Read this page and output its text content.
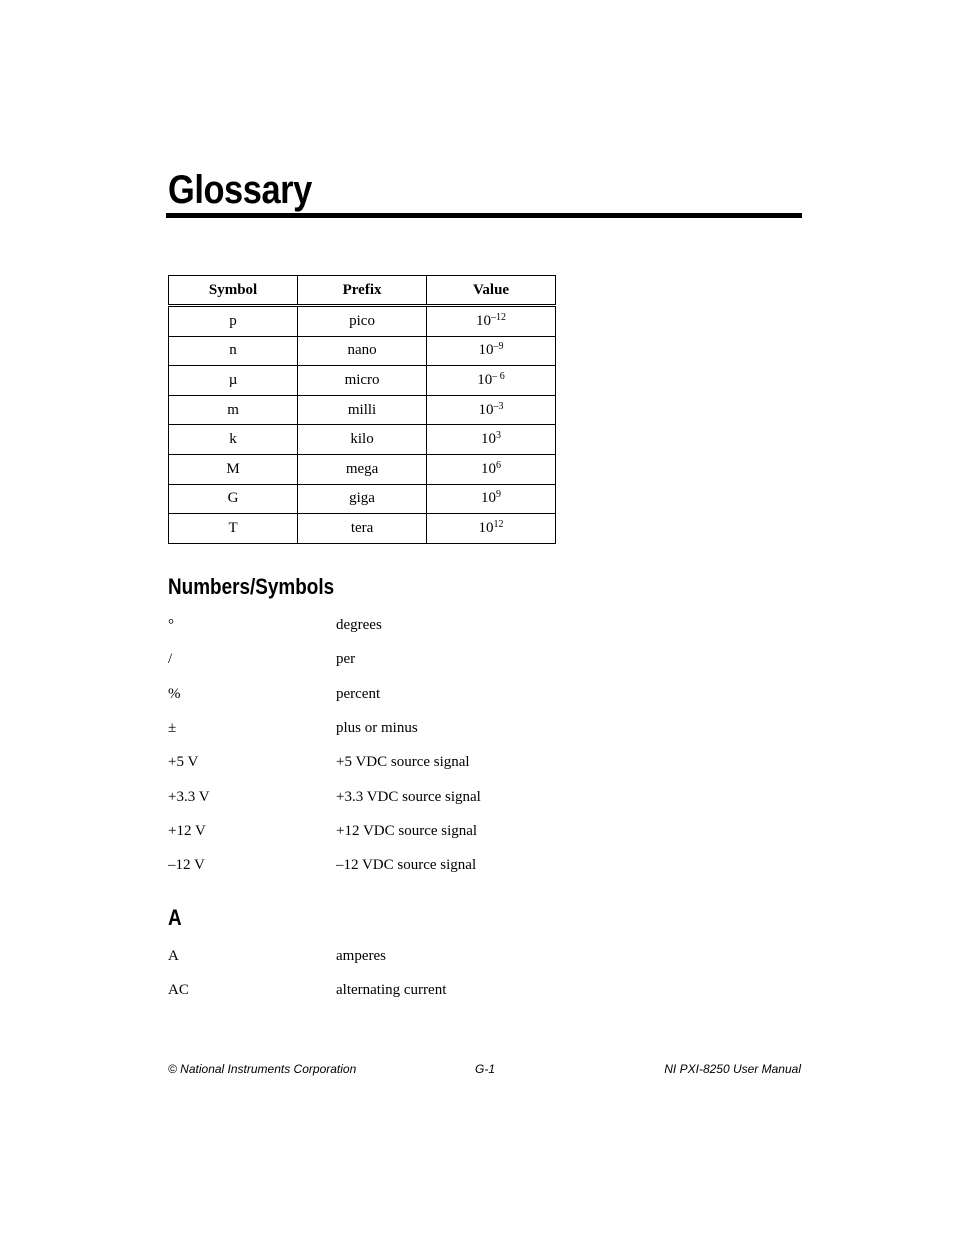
Glossary
Symbol	Prefix	Value
p	pico	$10^{-12}$
n	nano	$10^{-9}$
µ	micro	$10^{- 6}$
m	milli	$10^{-3}$
k	kilo	$10^3$
M	mega	$10^6$
G	giga	$10^9$
T	tera	$10^{12}$
Numbers/Symbols
°	degrees
/	per
%	percent
±	plus or minus
+5 V	+5 VDC source signal
+3.3 V	+3.3 VDC source signal
+12 V	+12 VDC source signal
–12 V	–12 VDC source signal
A
A	amperes
AC	alternating current
© National Instruments Corporation	G-1	NI PXI-8250 User Manual
